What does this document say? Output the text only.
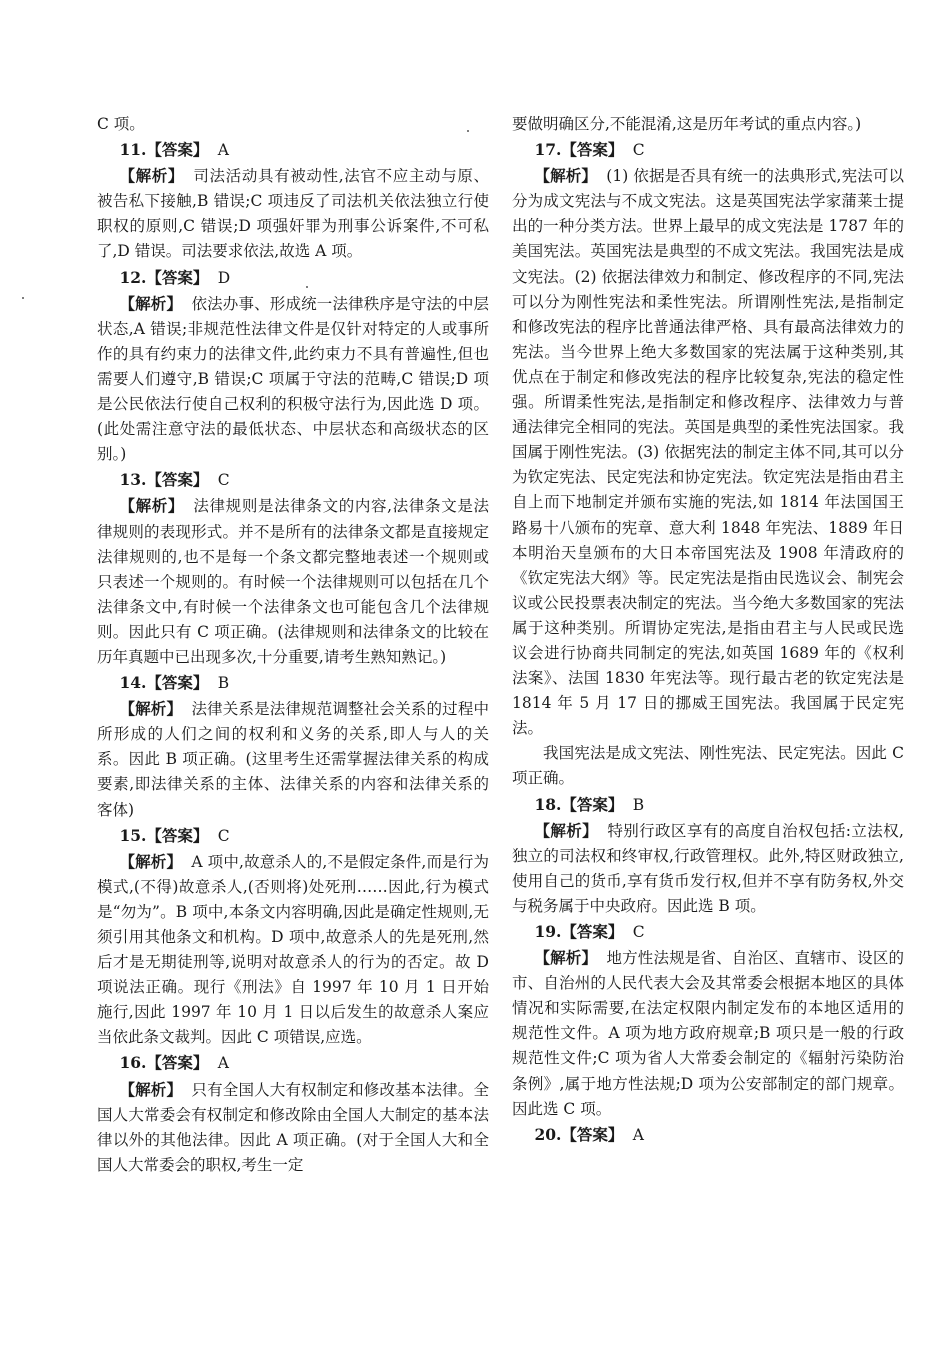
C 项。

11.【答案】 A

【解析】 司法活动具有被动性,法官不应主动与原、被告私下接触,B 错误;C 项违反了司法机关依法独立行使职权的原则,C 错误;D 项强奸罪为刑事公诉案件,不可私了,D 错误。司法要求依法,故选 A 项。

12.【答案】 D

【解析】 依法办事、形成统一法律秩序是守法的中层状态,A 错误;非规范性法律文件是仅针对特定的人或事所作的具有约束力的法律文件,此约束力不具有普遍性,但也需要人们遵守,B 错误;C 项属于守法的范畴,C 错误;D 项是公民依法行使自己权利的积极守法行为,因此选 D 项。(此处需注意守法的最低状态、中层状态和高级状态的区别。)

13.【答案】 C

【解析】 法律规则是法律条文的内容,法律条文是法律规则的表现形式。并不是所有的法律条文都是直接规定法律规则的,也不是每一个条文都完整地表述一个规则或只表述一个规则的。有时候一个法律规则可以包括在几个法律条文中,有时候一个法律条文也可能包含几个法律规则。因此只有 C 项正确。(法律规则和法律条文的比较在历年真题中已出现多次,十分重要,请考生熟知熟记。)

14.【答案】 B

【解析】 法律关系是法律规范调整社会关系的过程中所形成的人们之间的权利和义务的关系,即人与人的关系。因此 B 项正确。(这里考生还需掌握法律关系的构成要素,即法律关系的主体、法律关系的内容和法律关系的客体)

15.【答案】 C

【解析】 A 项中,故意杀人的,不是假定条件,而是行为模式,(不得)故意杀人,(否则将)处死刑……因此,行为模式是“勿为”。B 项中,本条文内容明确,因此是确定性规则,无须引用其他条文和机构。D 项中,故意杀人的先是死刑,然后才是无期徒刑等,说明对故意杀人的行为的否定。故 D 项说法正确。现行《刑法》自 1997 年 10 月 1 日开始施行,因此 1997 年 10 月 1 日以后发生的故意杀人案应当依此条文裁判。因此 C 项错误,应选。

16.【答案】 A

【解析】 只有全国人大有权制定和修改基本法律。全国人大常委会有权制定和修改除由全国人大制定的基本法律以外的其他法律。因此 A 项正确。(对于全国人大和全国人大常委会的职权,考生一定

要做明确区分,不能混淆,这是历年考试的重点内容。)

17.【答案】 C

【解析】 (1) 依据是否具有统一的法典形式,宪法可以分为成文宪法与不成文宪法。这是英国宪法学家蒲莱士提出的一种分类方法。世界上最早的成文宪法是 1787 年的美国宪法。英国宪法是典型的不成文宪法。我国宪法是成文宪法。(2) 依据法律效力和制定、修改程序的不同,宪法可以分为刚性宪法和柔性宪法。所谓刚性宪法,是指制定和修改宪法的程序比普通法律严格、具有最高法律效力的宪法。当今世界上绝大多数国家的宪法属于这种类别,其优点在于制定和修改宪法的程序比较复杂,宪法的稳定性强。所谓柔性宪法,是指制定和修改程序、法律效力与普通法律完全相同的宪法。英国是典型的柔性宪法国家。我国属于刚性宪法。(3) 依据宪法的制定主体不同,其可以分为钦定宪法、民定宪法和协定宪法。钦定宪法是指由君主自上而下地制定并颁布实施的宪法,如 1814 年法国国王路易十八颁布的宪章、意大利 1848 年宪法、1889 年日本明治天皇颁布的大日本帝国宪法及 1908 年清政府的《钦定宪法大纲》等。民定宪法是指由民选议会、制宪会议或公民投票表决制定的宪法。当今绝大多数国家的宪法属于这种类别。所谓协定宪法,是指由君主与人民或民选议会进行协商共同制定的宪法,如英国 1689 年的《权利法案》、法国 1830 年宪法等。现行最古老的钦定宪法是 1814 年 5 月 17 日的挪威王国宪法。我国属于民定宪法。

我国宪法是成文宪法、刚性宪法、民定宪法。因此 C 项正确。

18.【答案】 B

【解析】 特别行政区享有的高度自治权包括:立法权,独立的司法权和终审权,行政管理权。此外,特区财政独立,使用自己的货币,享有货币发行权,但并不享有防务权,外交与税务属于中央政府。因此选 B 项。

19.【答案】 C

【解析】 地方性法规是省、自治区、直辖市、设区的市、自治州的人民代表大会及其常委会根据本地区的具体情况和实际需要,在法定权限内制定发布的本地区适用的规范性文件。A 项为地方政府规章;B 项只是一般的行政规范性文件;C 项为省人大常委会制定的《辐射污染防治条例》,属于地方性法规;D 项为公安部制定的部门规章。因此选 C 项。

20.【答案】 A
